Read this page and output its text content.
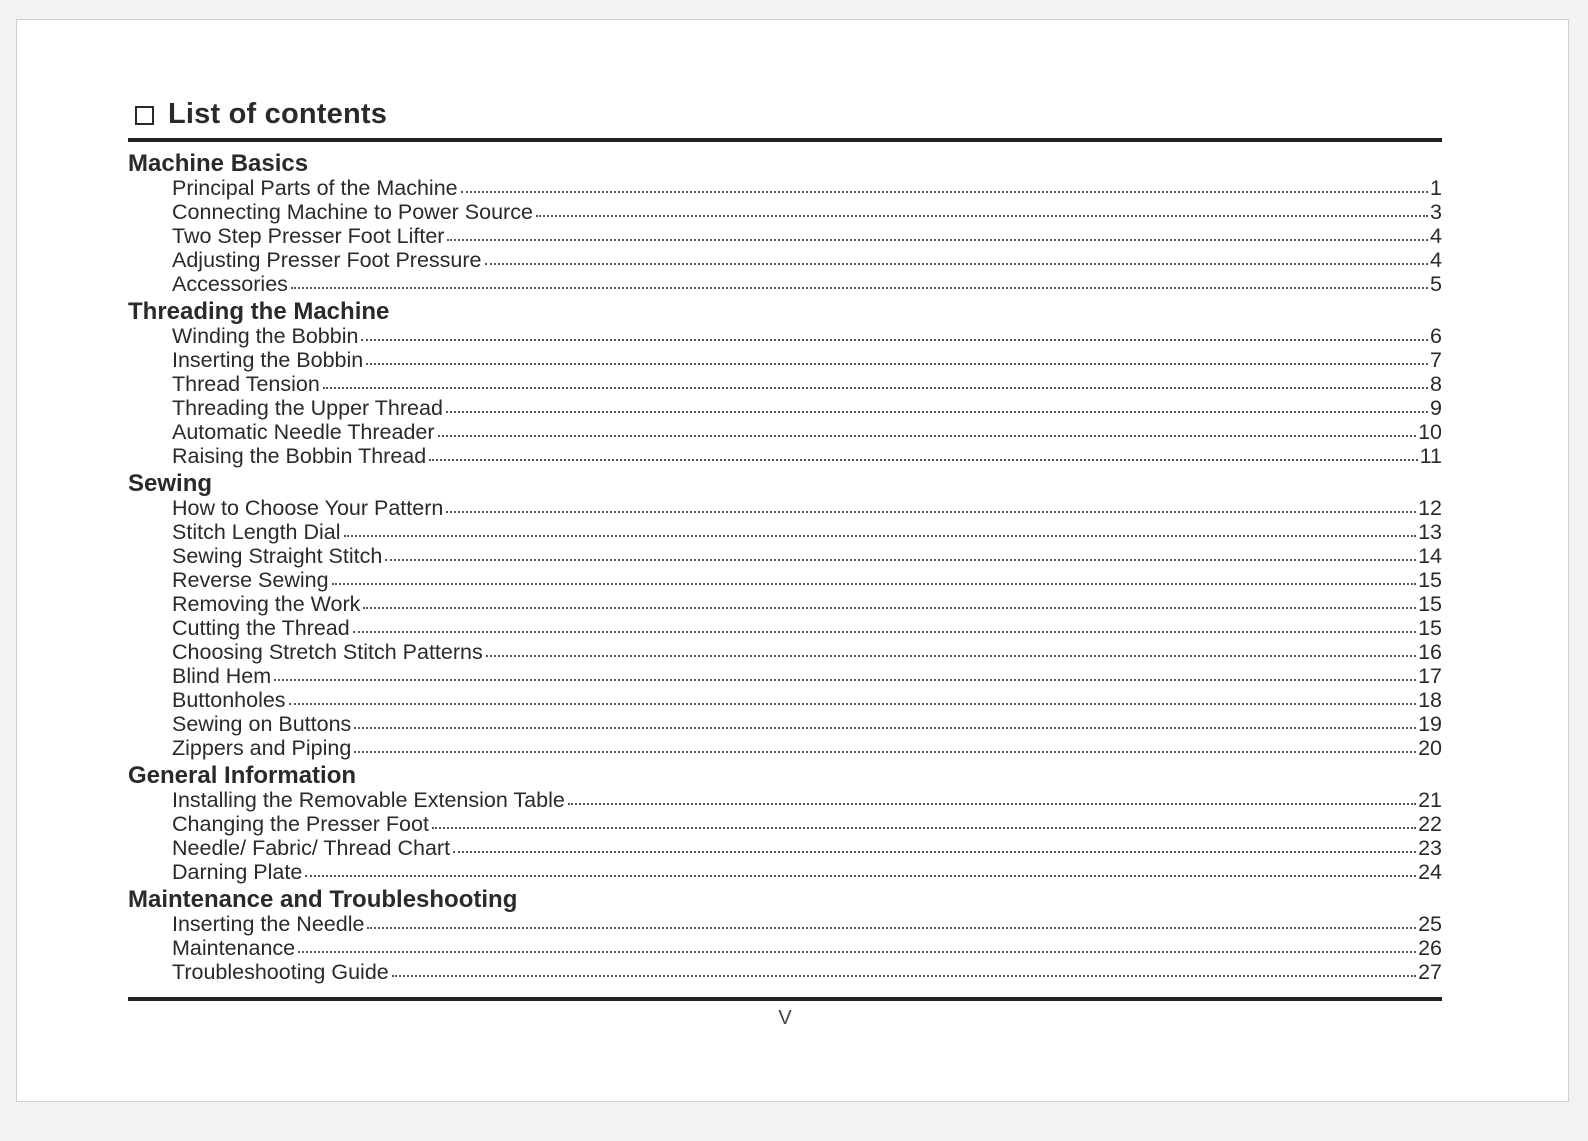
List of contents
Machine Basics
Principal Parts of the Machine	1
Connecting Machine to Power Source	3
Two Step Presser Foot Lifter	4
Adjusting Presser Foot Pressure	4
Accessories	5
Threading the Machine
Winding the Bobbin	6
Inserting the Bobbin	7
Thread Tension	8
Threading the Upper Thread	9
Automatic Needle Threader	10
Raising the Bobbin Thread	11
Sewing
How to Choose Your Pattern	12
Stitch Length Dial	13
Sewing Straight Stitch	14
Reverse Sewing	15
Removing the Work	15
Cutting the Thread	15
Choosing Stretch Stitch Patterns	16
Blind Hem	17
Buttonholes	18
Sewing on Buttons	19
Zippers and Piping	20
General Information
Installing the Removable Extension Table	21
Changing the Presser Foot	22
Needle/ Fabric/ Thread Chart	23
Darning Plate	24
Maintenance and Troubleshooting
Inserting the Needle	25
Maintenance	26
Troubleshooting Guide	27
V
